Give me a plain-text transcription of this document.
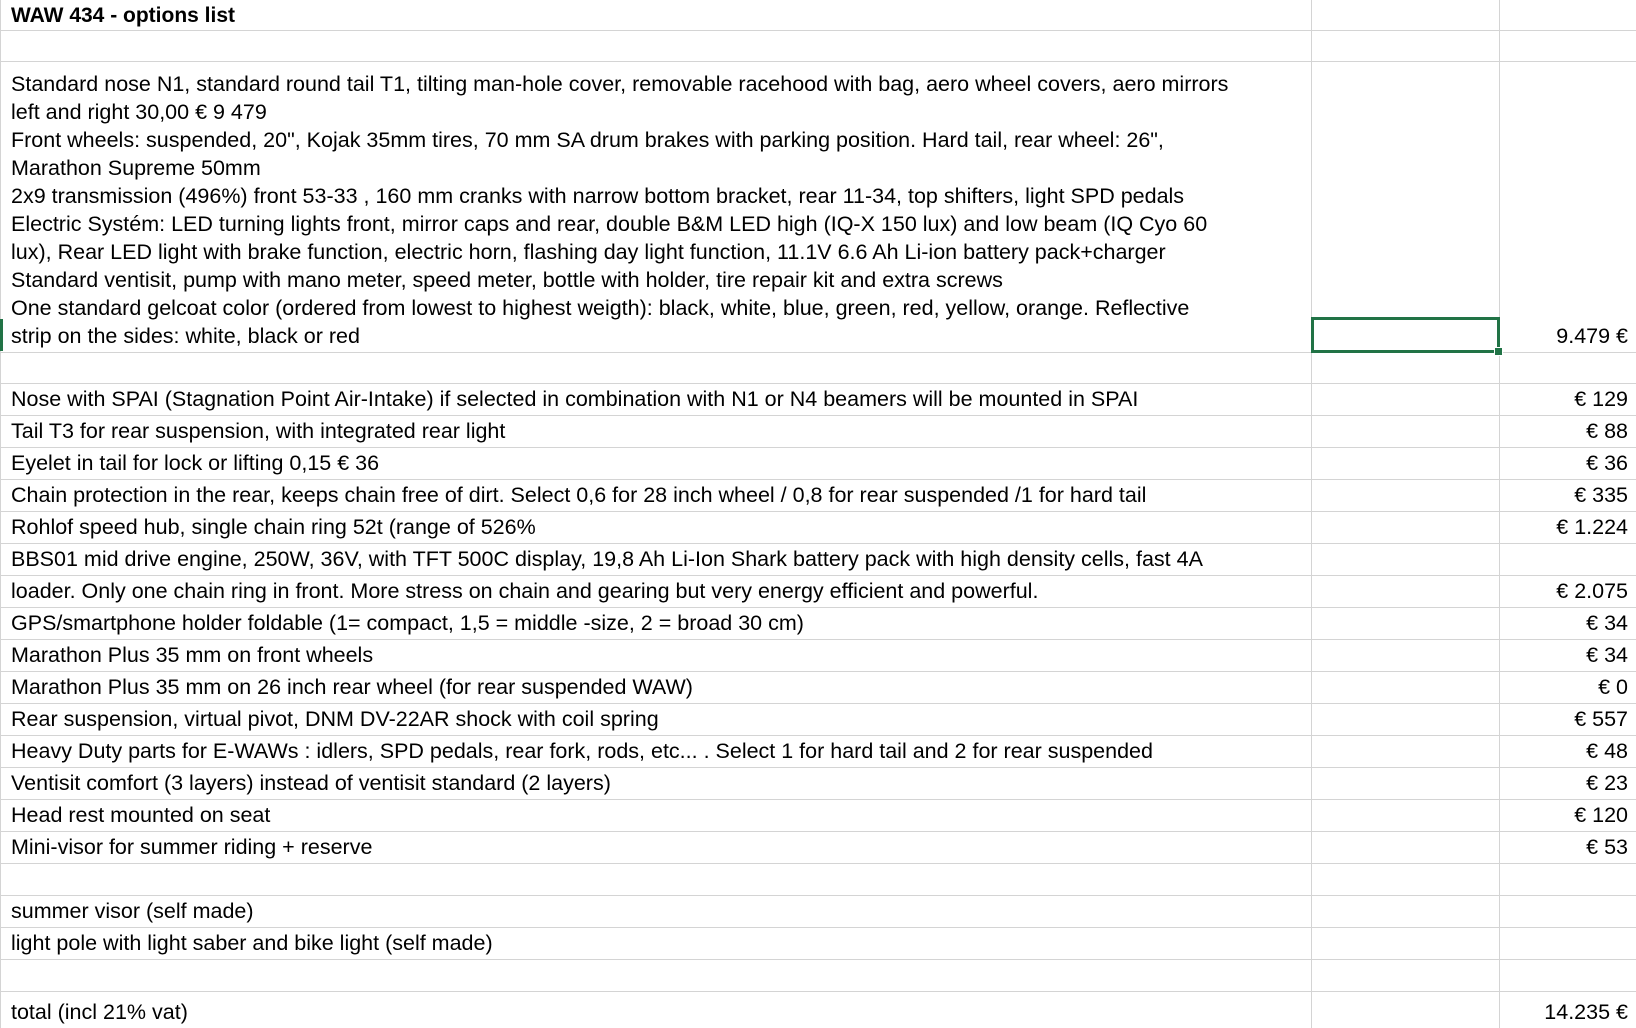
WAW 434 - options list
Standard nose N1, standard round tail T1, tilting man-hole cover, removable racehood with bag, aero wheel covers, aero mirrors
left and right 30,00 € 9 479
Front wheels: suspended, 20", Kojak 35mm tires, 70 mm SA drum brakes with parking position. Hard tail, rear wheel: 26",
Marathon Supreme 50mm
2x9 transmission (496%) front 53-33 , 160 mm cranks with narrow bottom bracket, rear 11-34, top shifters, light SPD pedals
Electric Systém: LED turning lights front, mirror caps and rear, double B&M LED high (IQ-X 150 lux) and low beam (IQ Cyo 60
lux), Rear LED light with brake function, electric horn, flashing day light function, 11.1V 6.6 Ah Li-ion battery pack+charger
Standard ventisit, pump with mano meter, speed meter, bottle with holder, tire repair kit and extra screws
One standard gelcoat color (ordered from lowest to highest weigth): black, white, blue, green, red, yellow, orange. Reflective
strip on the sides: white, black or red	9.479 €
Nose with SPAI (Stagnation Point Air-Intake) if selected in combination with N1 or N4 beamers will be mounted in SPAI	€ 129
Tail T3 for rear suspension, with integrated rear light	€ 88
Eyelet in tail for lock or lifting 0,15 € 36	€ 36
Chain protection in the rear, keeps chain free of dirt. Select 0,6 for 28 inch wheel / 0,8 for rear suspended /1 for hard tail	€ 335
Rohlof speed hub, single chain ring 52t (range of 526%	€ 1.224
BBS01 mid drive engine, 250W, 36V, with TFT 500C display, 19,8 Ah Li-Ion Shark battery pack with high density cells, fast 4A
loader. Only one chain ring in front. More stress on chain and gearing but very energy efficient and powerful.	€ 2.075
GPS/smartphone holder foldable (1= compact, 1,5 = middle -size, 2 = broad 30 cm)	€ 34
Marathon Plus 35 mm on front wheels	€ 34
Marathon Plus 35 mm on 26 inch rear wheel (for rear suspended WAW)	€ 0
Rear suspension, virtual pivot, DNM DV-22AR shock with coil spring	€ 557
Heavy Duty parts for E-WAWs : idlers, SPD pedals, rear fork, rods, etc... . Select 1 for hard tail and 2 for rear suspended	€ 48
Ventisit comfort (3 layers) instead of ventisit standard (2 layers)	€ 23
Head rest mounted on seat	€ 120
Mini-visor for summer riding + reserve	€ 53
summer visor (self made)
light pole with light saber and bike light (self made)
total (incl 21% vat)	14.235 €
